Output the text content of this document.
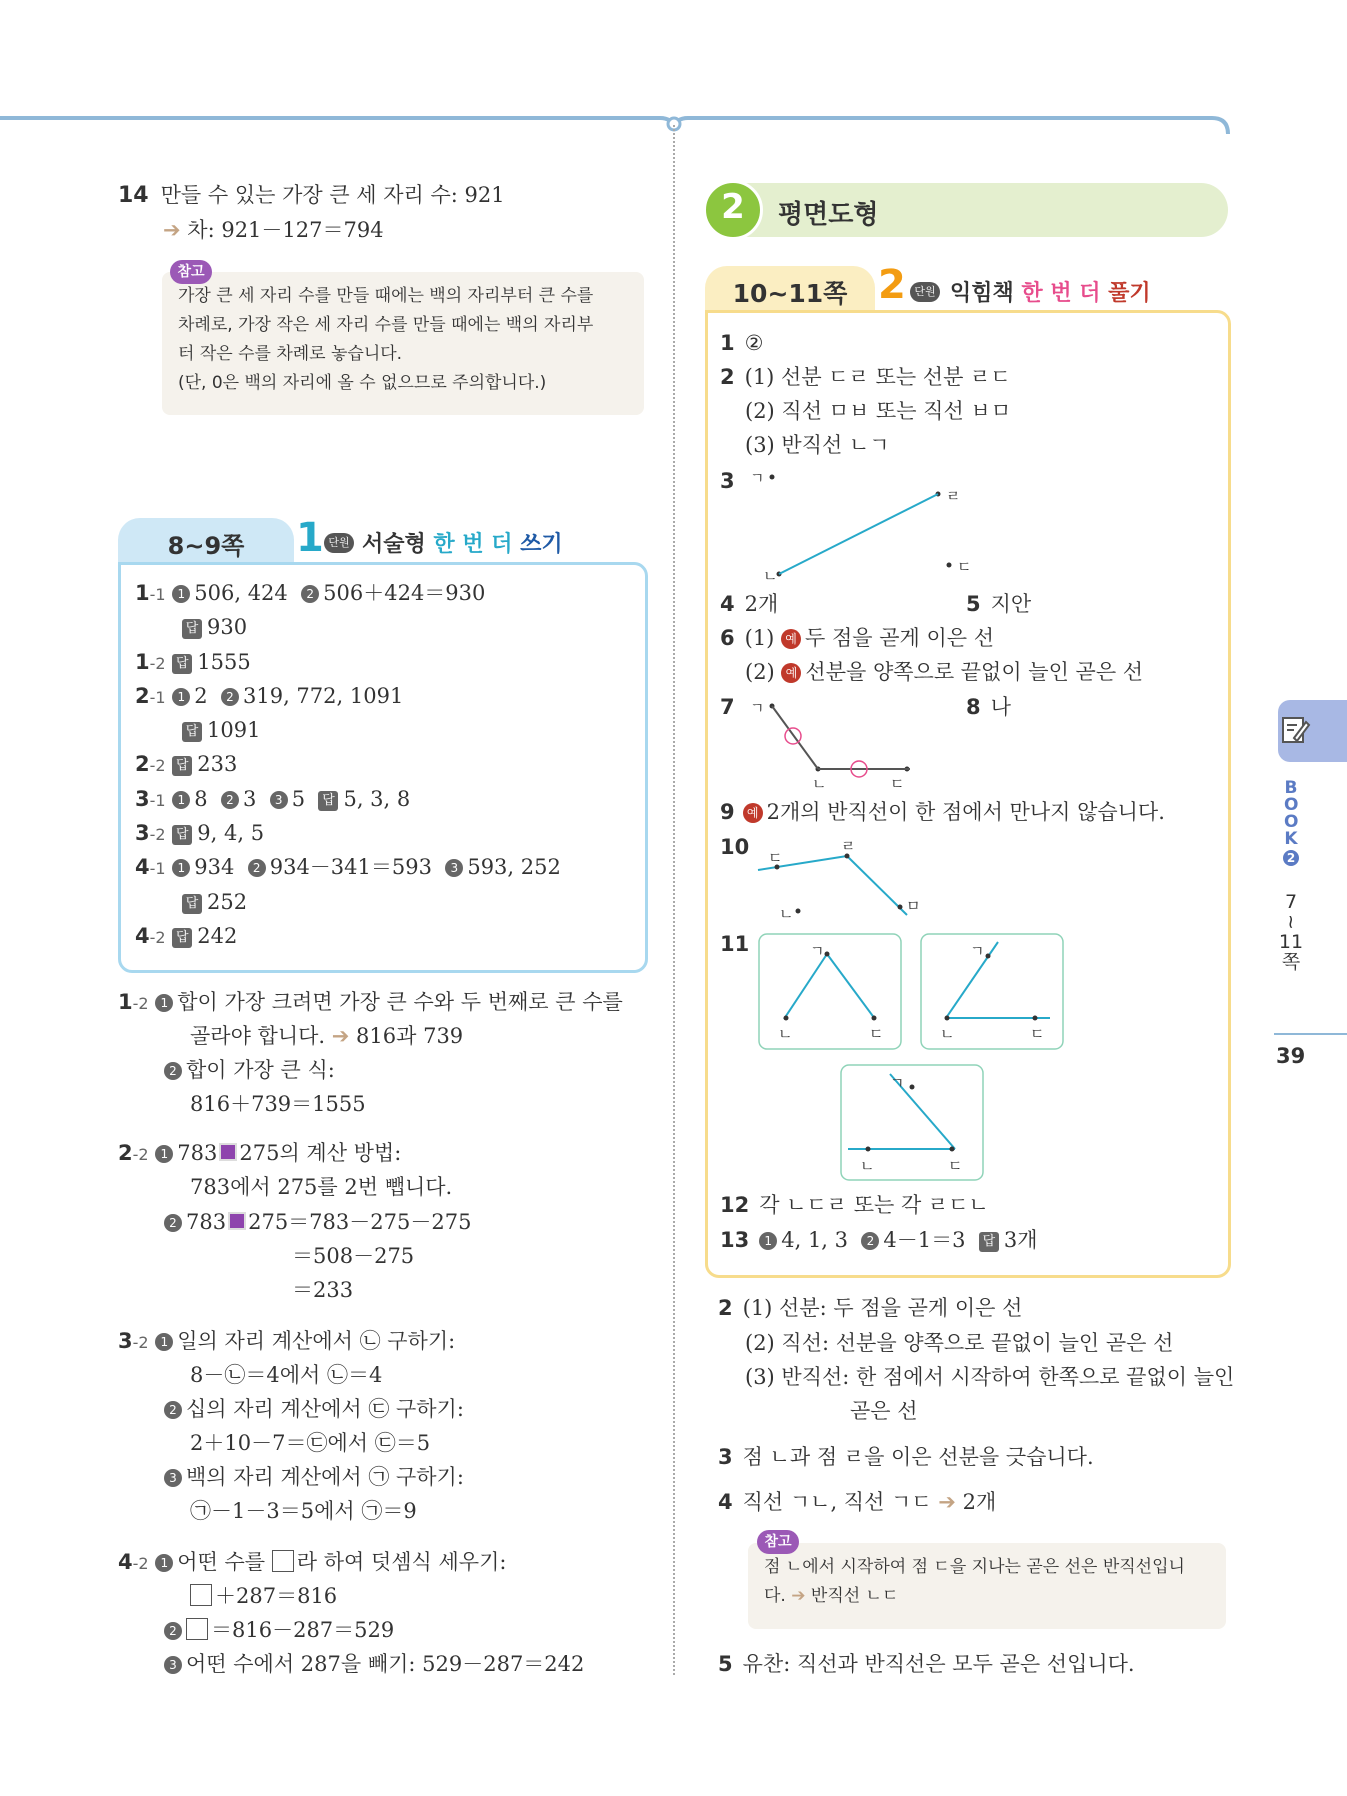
BOOK
2
7
~
11
쪽
39
14 만들 수 있는 가장 큰 세 자리 수: 921
➔ 차: 921－127＝794
가장 큰 세 자리 수를 만들 때에는 백의 자리부터 큰 수를
차례로, 가장 작은 세 자리 수를 만들 때에는 백의 자리부
터 작은 수를 차례로 놓습니다.
(단, 0은 백의 자리에 올 수 없으므로 주의합니다.)
참고
8~9쪽	1 단원 서술형 한 번 더 쓰기
1-1 1 506, 424 2 506＋424＝930
답 930
1-2 답 1555
2-1 1 2 2 319, 772, 1091
답 1091
2-2 답 233
3-1 1 8 2 3 3 5 답 5, 3, 8
3-2 답 9, 4, 5
4-1 1 934 2 934－341＝593 3 593, 252
답 252
4-2 답 242
1-2 1 합이 가장 크려면 가장 큰 수와 두 번째로 큰 수를
골라야 합니다. ➔ 816과 739
2 합이 가장 큰 식:
816＋739＝1555
2-2 1 783 275의 계산 방법:
783에서 275를 2번 뺍니다.
2 783 275＝783－275－275
＝508－275
＝233
3-2 1 일의 자리 계산에서 ㉡ 구하기:
8－㉡＝4에서 ㉡＝4
2 십의 자리 계산에서 ㉢ 구하기:
2＋10－7＝㉢에서 ㉢＝5
3 백의 자리 계산에서 ㉠ 구하기:
㉠－1－3＝5에서 ㉠＝9
4-2 1 어떤 수를 라 하여 덧셈식 세우기:
＋287＝816
2 ＝816－287＝529
3 어떤 수에서 287을 빼기: 529－287＝242
2	평면도형
10~11쪽 2 단원 익힘책 한 번 더 풀기
1 ②
2 (1) 선분 ㄷㄹ 또는 선분 ㄹㄷ
(2) 직선 ㅁㅂ 또는 직선 ㅂㅁ
(3) 반직선 ㄴㄱ
3 ㄱ
ㄹ
ㄴ	ㄷ
4 2개	5 지안
6 (1) 예 두 점을 곧게 이은 선
(2) 예 선분을 양쪽으로 끝없이 늘인 곧은 선
7	8 나
ㄱ
ㄴ	ㄷ
9 예 2개의 반직선이 한 점에서 만나지 않습니다.
10 ㄷ
ㄹ
ㄴ	ㅁ
11	ㄱ
ㄴ	ㄷ
ㄱ
ㄴ	ㄷ
ㄱ
ㄴ	ㄷ
12 각 ㄴㄷㄹ 또는 각 ㄹㄷㄴ
13 1 4, 1, 3 2 4－1＝3 답 3개
2 (1) 선분: 두 점을 곧게 이은 선
(2) 직선: 선분을 양쪽으로 끝없이 늘인 곧은 선
(3) 반직선: 한 점에서 시작하여 한쪽으로 끝없이 늘인
곧은 선
3 점 ㄴ과 점 ㄹ을 이은 선분을 긋습니다.
4 직선 ㄱㄴ, 직선 ㄱㄷ ➔ 2개
점 ㄴ에서 시작하여 점 ㄷ을 지나는 곧은 선은 반직선입니
다. ➔ 반직선 ㄴㄷ
참고
5 유찬: 직선과 반직선은 모두 곧은 선입니다.
